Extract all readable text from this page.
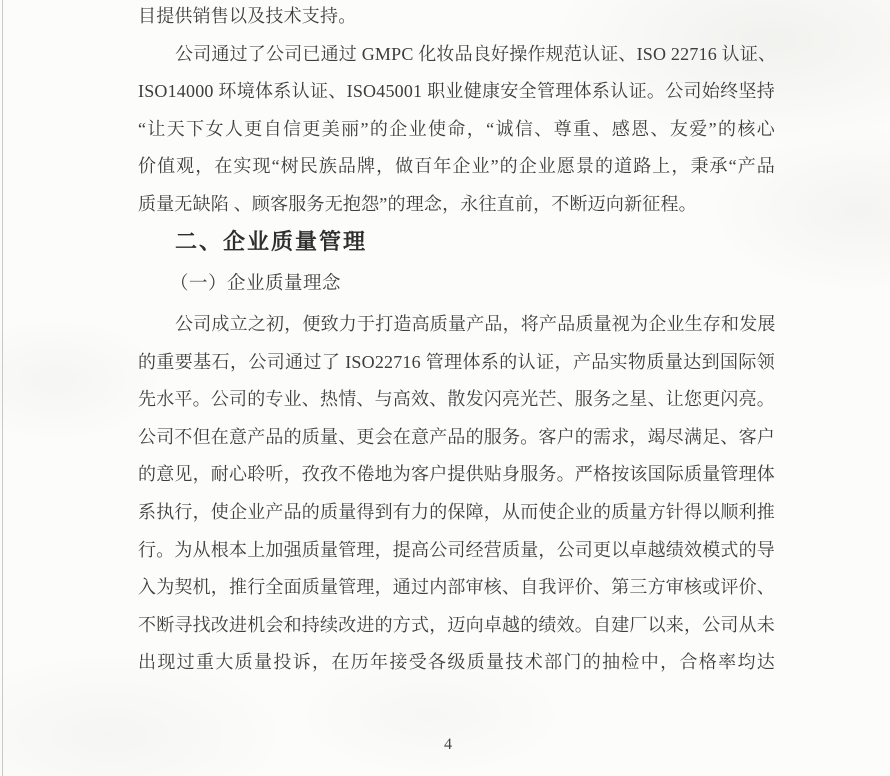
目提供销售以及技术支持。
公司通过了公司已通过 GMPC 化妆品良好操作规范认证、ISO 22716 认证、
ISO14000 环境体系认证、ISO45001 职业健康安全管理体系认证。公司始终坚持
“让天下女人更自信更美丽”的企业使命，“诚信、尊重、感恩、友爱”的核心
价值观，在实现“树民族品牌，做百年企业”的企业愿景的道路上，秉承“产品
质量无缺陷 、顾客服务无抱怨”的理念，永往直前，不断迈向新征程。
二、企业质量管理
（一）企业质量理念
公司成立之初，便致力于打造高质量产品，将产品质量视为企业生存和发展
的重要基石，公司通过了 ISO22716 管理体系的认证，产品实物质量达到国际领
先水平。公司的专业、热情、与高效、散发闪亮光芒、服务之星、让您更闪亮。
公司不但在意产品的质量、更会在意产品的服务。客户的需求，竭尽满足、客户
的意见，耐心聆听，孜孜不倦地为客户提供贴身服务。严格按该国际质量管理体
系执行，使企业产品的质量得到有力的保障，从而使企业的质量方针得以顺利推
行。为从根本上加强质量管理，提高公司经营质量，公司更以卓越绩效模式的导
入为契机，推行全面质量管理，通过内部审核、自我评价、第三方审核或评价、
不断寻找改进机会和持续改进的方式，迈向卓越的绩效。自建厂以来，公司从未
出现过重大质量投诉，在历年接受各级质量技术部门的抽检中，合格率均达
4
